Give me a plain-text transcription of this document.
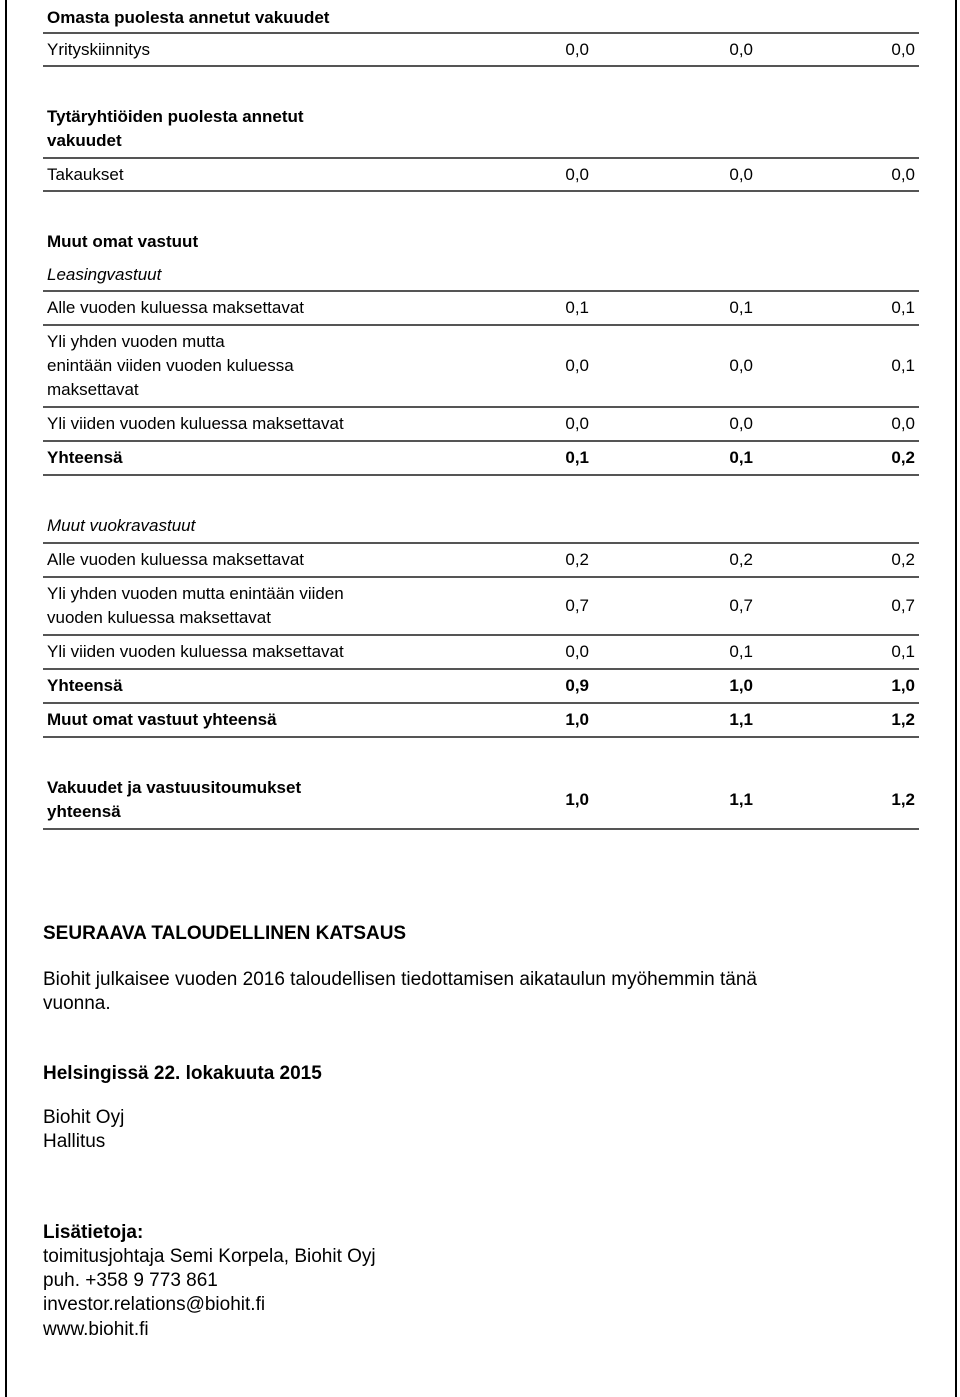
Omasta puolesta annetut vakuudet
Yrityskiinnitys	0,0	0,0	0,0
Tytäryhtiöiden puolesta annetut
vakuudet
Takaukset	0,0	0,0	0,0
Muut omat vastuut
Leasingvastuut
Alle vuoden kuluessa maksettavat	0,1	0,1	0,1
Yli yhden vuoden mutta
enintään viiden vuoden kuluessa
maksettavat
0,0	0,0	0,1
Yli viiden vuoden kuluessa maksettavat	0,0	0,0	0,0
Yhteensä	0,1	0,1	0,2
Muut vuokravastuut
Alle vuoden kuluessa maksettavat	0,2	0,2	0,2
Yli yhden vuoden mutta enintään viiden
vuoden kuluessa maksettavat
0,7	0,7	0,7
Yli viiden vuoden kuluessa maksettavat	0,0	0,1	0,1
Yhteensä	0,9	1,0	1,0
Muut omat vastuut yhteensä	1,0	1,1	1,2
Vakuudet ja vastuusitoumukset
yhteensä
1,0	1,1	1,2
SEURAAVA TALOUDELLINEN KATSAUS
Biohit julkaisee vuoden 2016 taloudellisen tiedottamisen aikataulun myöhemmin tänä
vuonna.
Helsingissä 22. lokakuuta 2015
Biohit Oyj
Hallitus
Lisätietoja:
toimitusjohtaja Semi Korpela, Biohit Oyj
puh. +358 9 773 861
investor.relations@biohit.fi
www.biohit.fi
